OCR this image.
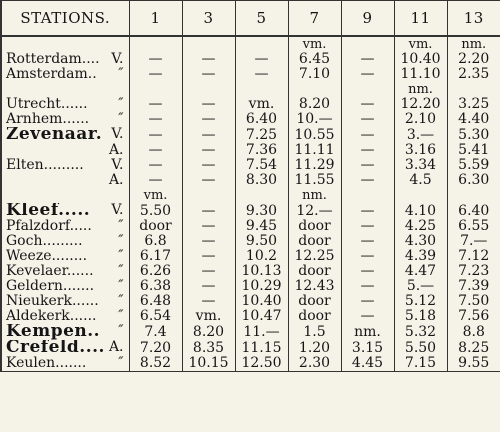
STATIONS.	1	3	5	7	9	11	13

				vm.		vm.	nm.
Rotterdam.... V.	—	—	—	6.45	—	10.40	2.20
Amsterdam.. ″	—	—	—	7.10	—	11.10	2.35

						nm.	
Utrecht...... ″	—	—	vm.	8.20	—	12.20	3.25
Arnhem...... ″	—	—	6.40	10.—	—	2.10	4.40
Zevenaar. V.	—	—	7.25	10.55	—	3.—	5.30

A.	—	—	7.36	11.11	—	3.16	5.41
Elten......... V.	—	—	7.54	11.29	—	3.34	5.59

A.	—	—	8.30	11.55	—	4.5	6.30

	vm.			nm.			
Kleef..... V.	5.50	—	9.30	12.—	—	4.10	6.40
Pfalzdorf..... ″	door	—	9.45	door	—	4.25	6.55
Goch......... ″	6.8	—	9.50	door	—	4.30	7.—
Weeze........ ″	6.17	—	10.2	12.25	—	4.39	7.12
Kevelaer...... ″	6.26	—	10.13	door	—	4.47	7.23
Geldern....... ″	6.38	—	10.29	12.43	—	5.—	7.39
Nieukerk...... ″	6.48	—	10.40	door	—	5.12	7.50
Aldekerk...... ″	6.54	vm.	10.47	door	—	5.18	7.56
Kempen.. ″	7.4	8.20	11.—	1.5	nm.	5.32	8.8
Crefeld.... A.	7.20	8.35	11.15	1.20	3.15	5.50	8.25
Keulen....... ″	8.52	10.15	12.50	2.30	4.45	7.15	9.55
